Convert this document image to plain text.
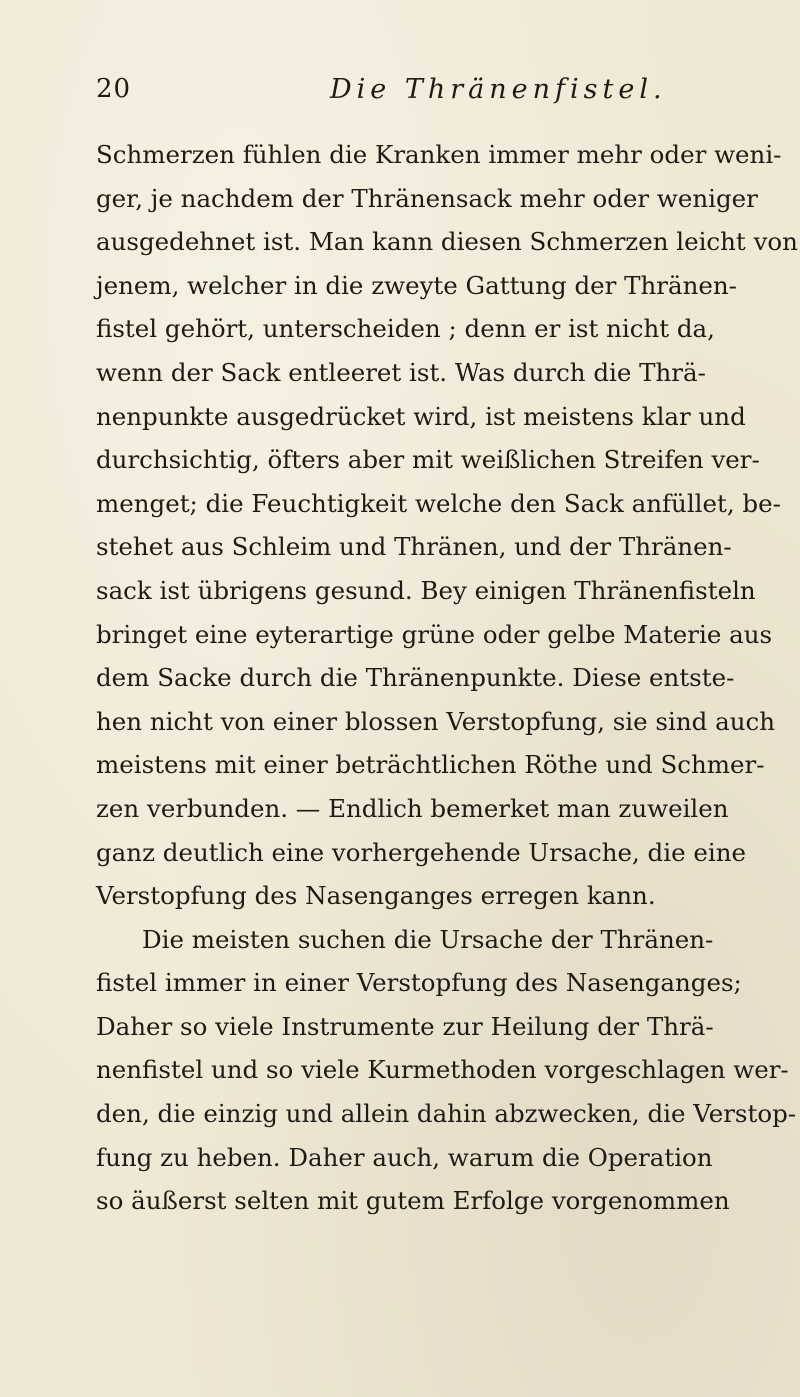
20	Die Thränenfistel.
Schmerzen fühlen die Kranken immer mehr oder weni-
ger, je nachdem der Thränensack mehr oder weniger
ausgedehnet ist. Man kann diesen Schmerzen leicht von
jenem, welcher in die zweyte Gattung der Thränen-
fistel gehört, unterscheiden ; denn er ist nicht da,
wenn der Sack entleeret ist. Was durch die Thrä-
nenpunkte ausgedrücket wird, ist meistens klar und
durchsichtig, öfters aber mit weißlichen Streifen ver-
menget; die Feuchtigkeit welche den Sack anfüllet, be-
stehet aus Schleim und Thränen, und der Thränen-
sack ist übrigens gesund. Bey einigen Thränenfisteln
bringet eine eyterartige grüne oder gelbe Materie aus
dem Sacke durch die Thränenpunkte. Diese entste-
hen nicht von einer blossen Verstopfung, sie sind auch
meistens mit einer beträchtlichen Röthe und Schmer-
zen verbunden. — Endlich bemerket man zuweilen
ganz deutlich eine vorhergehende Ursache, die eine
Verstopfung des Nasenganges erregen kann.
Die meisten suchen die Ursache der Thränen-
fistel immer in einer Verstopfung des Nasenganges;
Daher so viele Instrumente zur Heilung der Thrä-
nenfistel und so viele Kurmethoden vorgeschlagen wer-
den, die einzig und allein dahin abzwecken, die Verstop-
fung zu heben. Daher auch, warum die Operation
so äußerst selten mit gutem Erfolge vorgenommen
